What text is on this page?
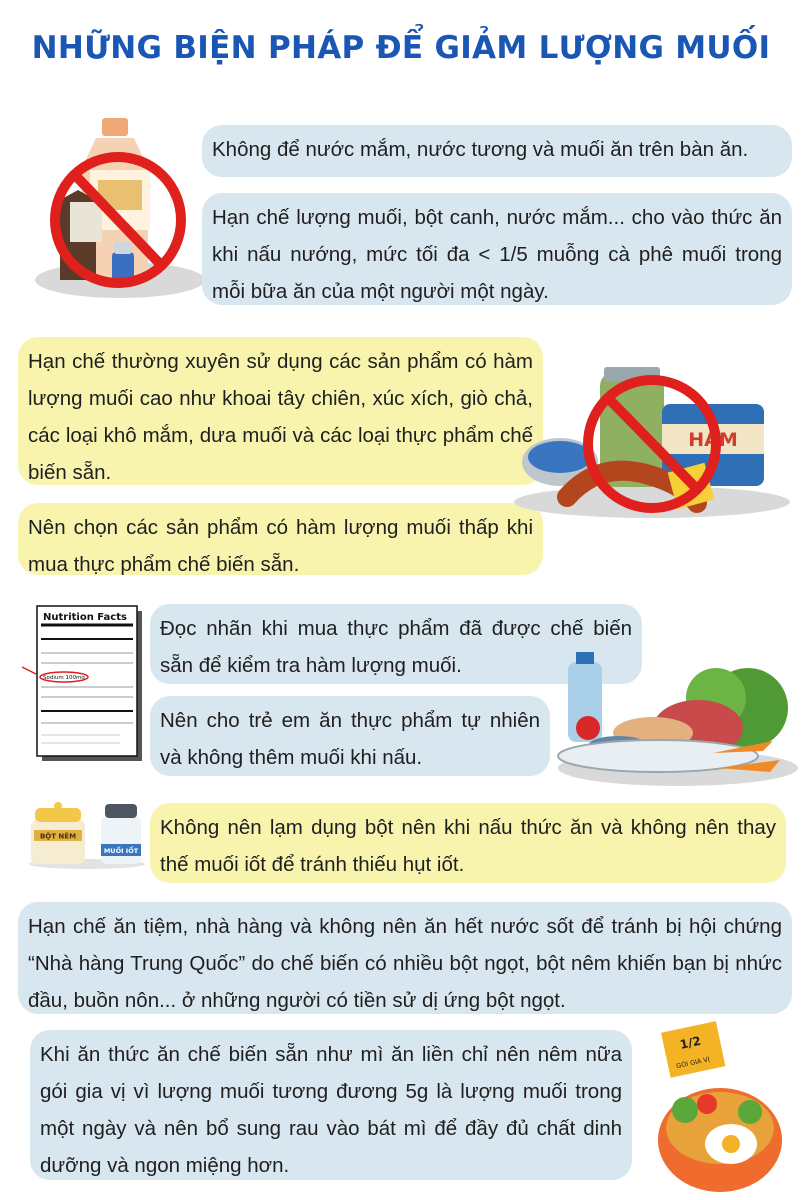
NHỮNG BIỆN PHÁP ĐỂ GIẢM LƯỢNG MUỐI
Không để nước mắm, nước tương và muối ăn trên bàn ăn.
Hạn chế lượng muối, bột canh, nước mắm... cho vào thức ăn khi nấu nướng, mức tối đa < 1/5 muỗng cà phê muối trong mỗi bữa ăn của một người một ngày.
Hạn chế thường xuyên sử dụng các sản phẩm có hàm lượng muối cao như khoai tây chiên, xúc xích, giò chả, các loại khô mắm, dưa muối và các loại thực phẩm chế biến sẵn.
Nên chọn các sản phẩm có hàm lượng muối thấp khi mua thực phẩm chế biến sẵn.
HAM
Nutrition Facts
Sodium 100mg
Đọc nhãn khi mua thực phẩm đã được chế biến sẵn để kiểm tra hàm lượng muối.
Nên cho trẻ em ăn thực phẩm tự nhiên và không thêm muối khi nấu.
BỘT NÊM
MUỐI IỐT
Không nên lạm dụng bột nên khi nấu thức ăn và không nên thay thế muối iốt để tránh thiếu hụt iốt.
Hạn chế ăn tiệm, nhà hàng và không nên ăn hết nước sốt để tránh bị hội chứng “Nhà hàng Trung Quốc” do chế biến có nhiều bột ngọt, bột nêm khiến bạn bị nhức đầu, buồn nôn... ở những người có tiền sử dị ứng bột ngọt.
Khi ăn thức ăn chế biến sẵn như mì ăn liền chỉ nên nêm nữa gói gia vị vì lượng muối tương đương 5g là lượng muối trong một ngày và nên bổ sung rau vào bát mì để đầy đủ chất dinh dưỡng và ngon miệng hơn.
1/2
GÓI GIA VỊ
